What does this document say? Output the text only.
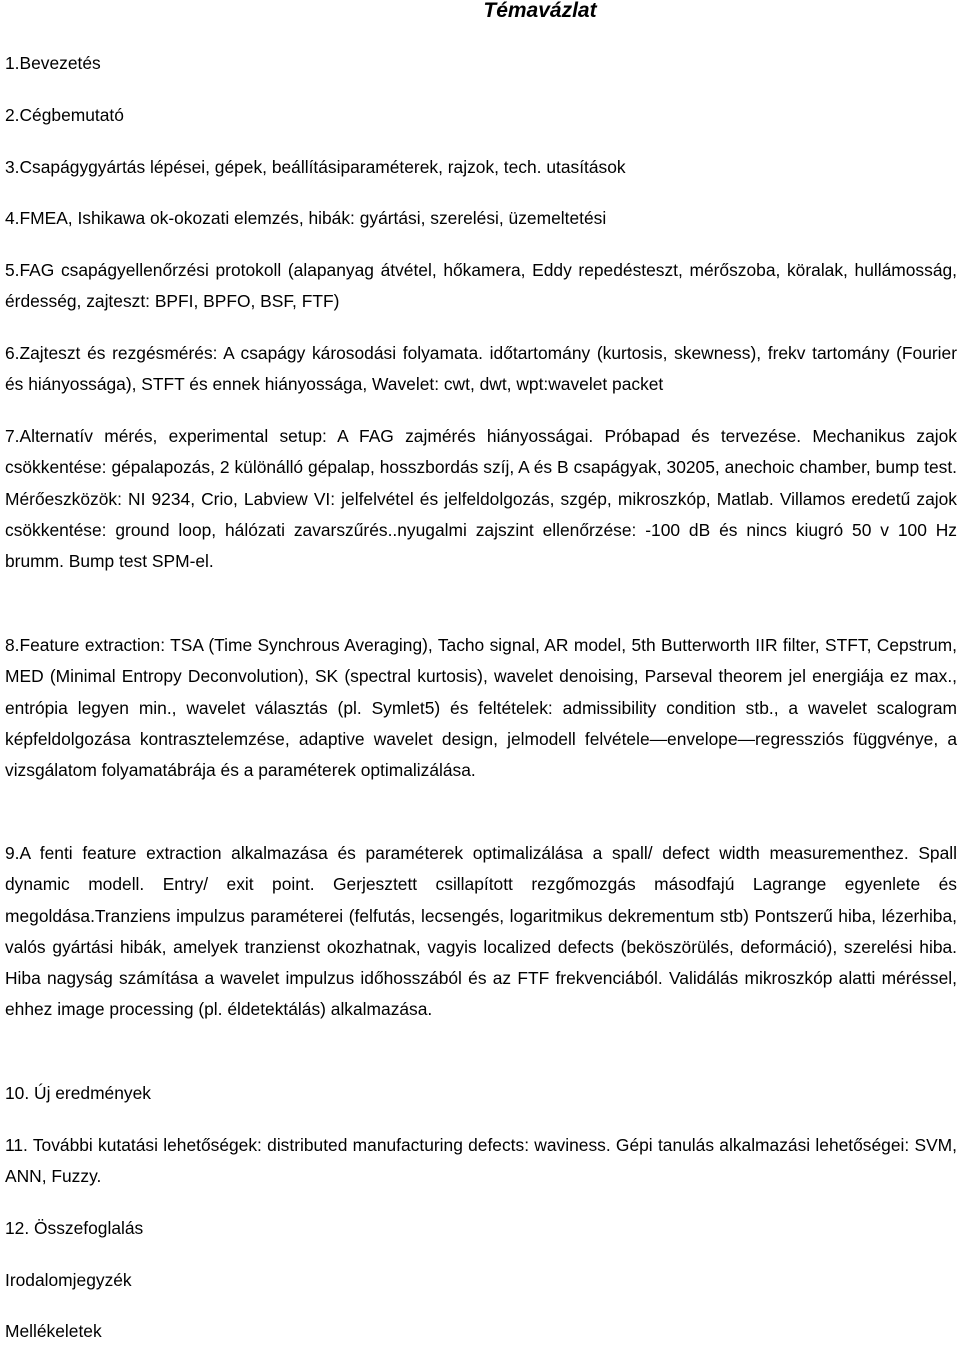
Témavázlat

1.Bevezetés

2.Cégbemutató

3.Csapágygyártás lépései, gépek, beállításiparaméterek, rajzok, tech. utasítások

4.FMEA, Ishikawa ok-okozati elemzés, hibák: gyártási, szerelési, üzemeltetési

5.FAG csapágyellenőrzési protokoll (alapanyag átvétel, hőkamera, Eddy repedésteszt, mérőszoba, köralak, hullámosság, érdesség, zajteszt: BPFI, BPFO, BSF, FTF)

6.Zajteszt és rezgésmérés: A csapágy károsodási folyamata. időtartomány (kurtosis, skewness), frekv tartomány (Fourier és hiányossága), STFT és ennek hiányossága, Wavelet: cwt, dwt, wpt:wavelet packet

7.Alternatív mérés, experimental setup: A FAG zajmérés hiányosságai. Próbapad és tervezése. Mechanikus zajok csökkentése: gépalapozás, 2 különálló gépalap, hosszbordás szíj, A és B csapágyak, 30205, anechoic chamber, bump test. Mérőeszközök: NI 9234, Crio, Labview VI: jelfelvétel és jelfeldolgozás, szgép, mikroszkóp, Matlab. Villamos eredetű zajok csökkentése: ground loop, hálózati zavarszűrés..nyugalmi zajszint ellenőrzése: -100 dB és nincs kiugró 50 v 100 Hz brumm. Bump test SPM-el.

8.Feature extraction: TSA (Time Synchrous Averaging), Tacho signal, AR model, 5th Butterworth IIR filter, STFT, Cepstrum, MED (Minimal Entropy Deconvolution), SK (spectral kurtosis), wavelet denoising, Parseval theorem jel energiája ez max., entrópia legyen min., wavelet választás (pl. Symlet5) és feltételek: admissibility condition stb., a wavelet scalogram képfeldolgozása kontrasztelemzése, adaptive wavelet design, jelmodell felvétele—envelope—regressziós függvénye, a vizsgálatom folyamatábrája és a paraméterek optimalizálása.

9.A fenti feature extraction alkalmazása és paraméterek optimalizálása a spall/ defect width measurementhez. Spall dynamic modell. Entry/ exit point. Gerjesztett csillapított rezgőmozgás másodfajú Lagrange egyenlete és megoldása.Tranziens impulzus paraméterei (felfutás, lecsengés, logaritmikus dekrementum stb) Pontszerű hiba, lézerhiba, valós gyártási hibák, amelyek tranzienst okozhatnak, vagyis localized defects (beköszörülés, deformáció), szerelési hiba. Hiba nagyság számítása a wavelet impulzus időhosszából és az FTF frekvenciából. Validálás mikroszkóp alatti méréssel, ehhez image processing (pl. éldetektálás) alkalmazása.

10. Új eredmények

11. További kutatási lehetőségek: distributed manufacturing defects: waviness. Gépi tanulás alkalmazási lehetőségei: SVM, ANN, Fuzzy.

12. Összefoglalás

Irodalomjegyzék

Mellékeletek
